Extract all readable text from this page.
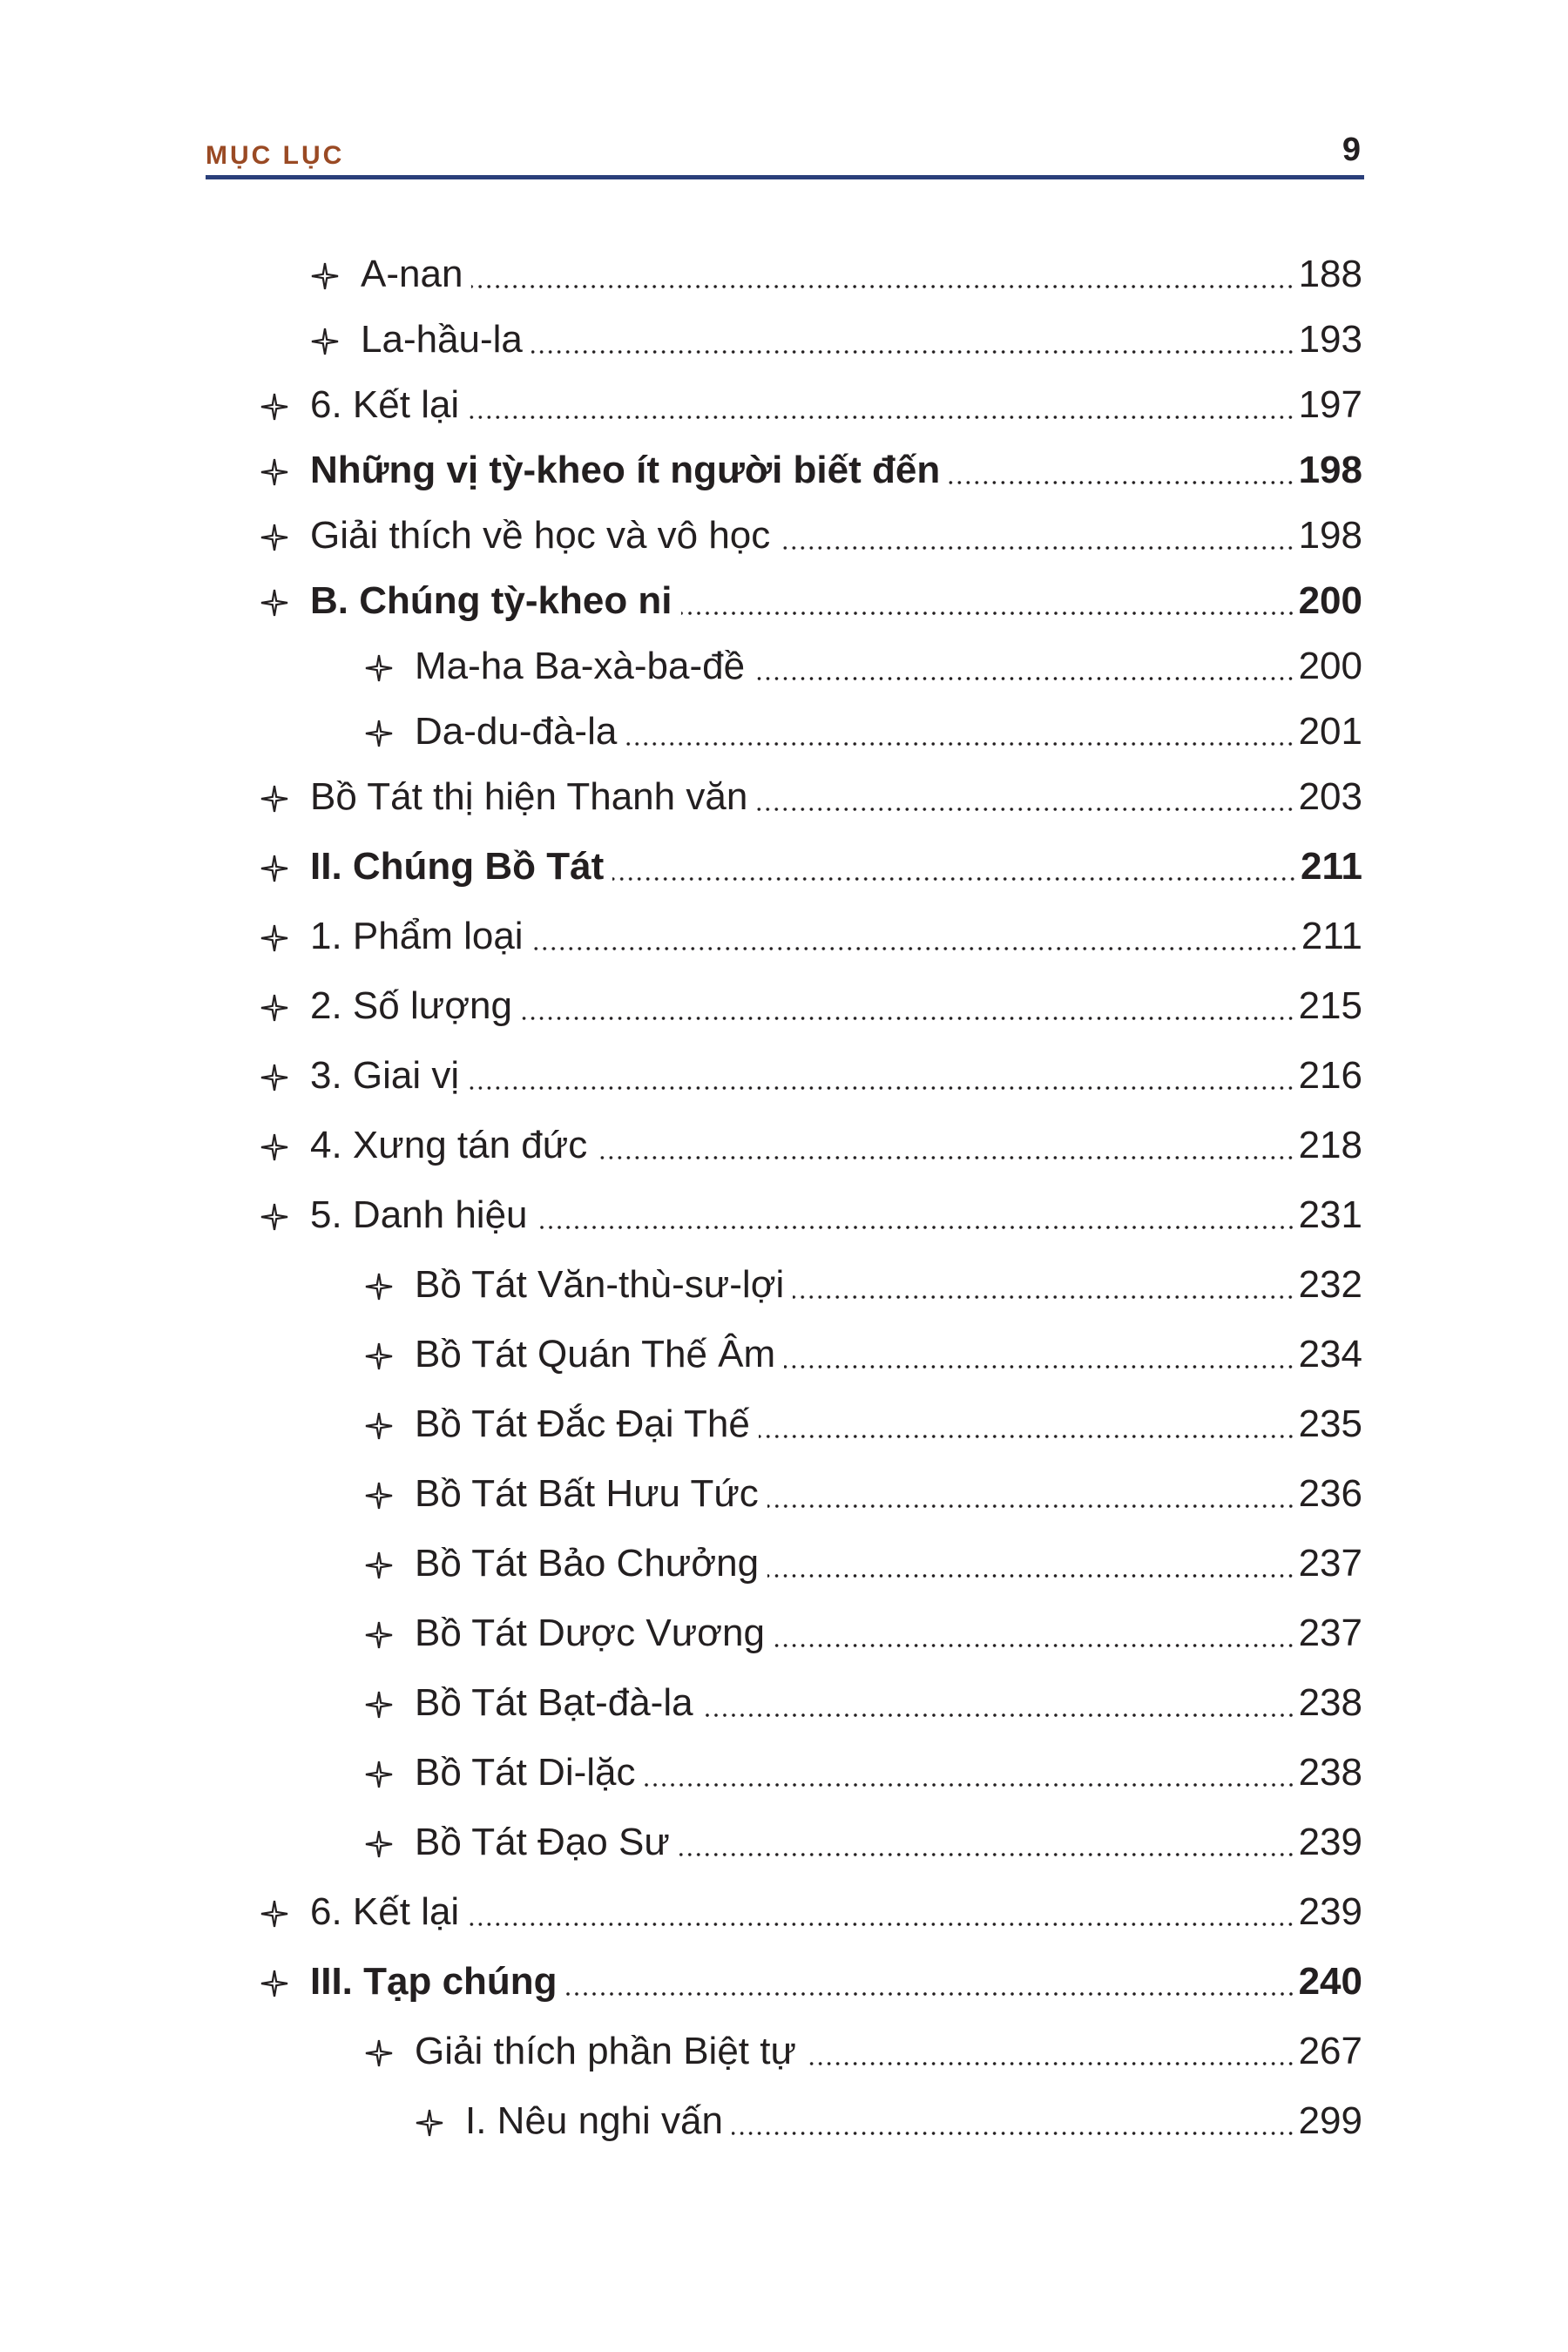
MỤC LỤC	9
A-nan	188
La-hầu-la	193
6. Kết lại	197
Những vị tỳ-kheo ít người biết đến	198
Giải thích về học và vô học	198
B. Chúng tỳ-kheo ni	200
Ma-ha Ba-xà-ba-đề	200
Da-du-đà-la	201
Bồ Tát thị hiện Thanh văn	203
II. Chúng Bồ Tát	211
1. Phẩm loại	211
2. Số lượng	215
3. Giai vị	216
4. Xưng tán đức	218
5. Danh hiệu	231
Bồ Tát Văn-thù-sư-lợi	232
Bồ Tát Quán Thế Âm	234
Bồ Tát Đắc Đại Thế	235
Bồ Tát Bất Hưu Tức	236
Bồ Tát Bảo Chưởng	237
Bồ Tát Dược Vương	237
Bồ Tát Bạt-đà-la	238
Bồ Tát Di-lặc	238
Bồ Tát Đạo Sư	239
6. Kết lại	239
III. Tạp chúng	240
Giải thích phần Biệt tự	267
I. Nêu nghi vấn	299
